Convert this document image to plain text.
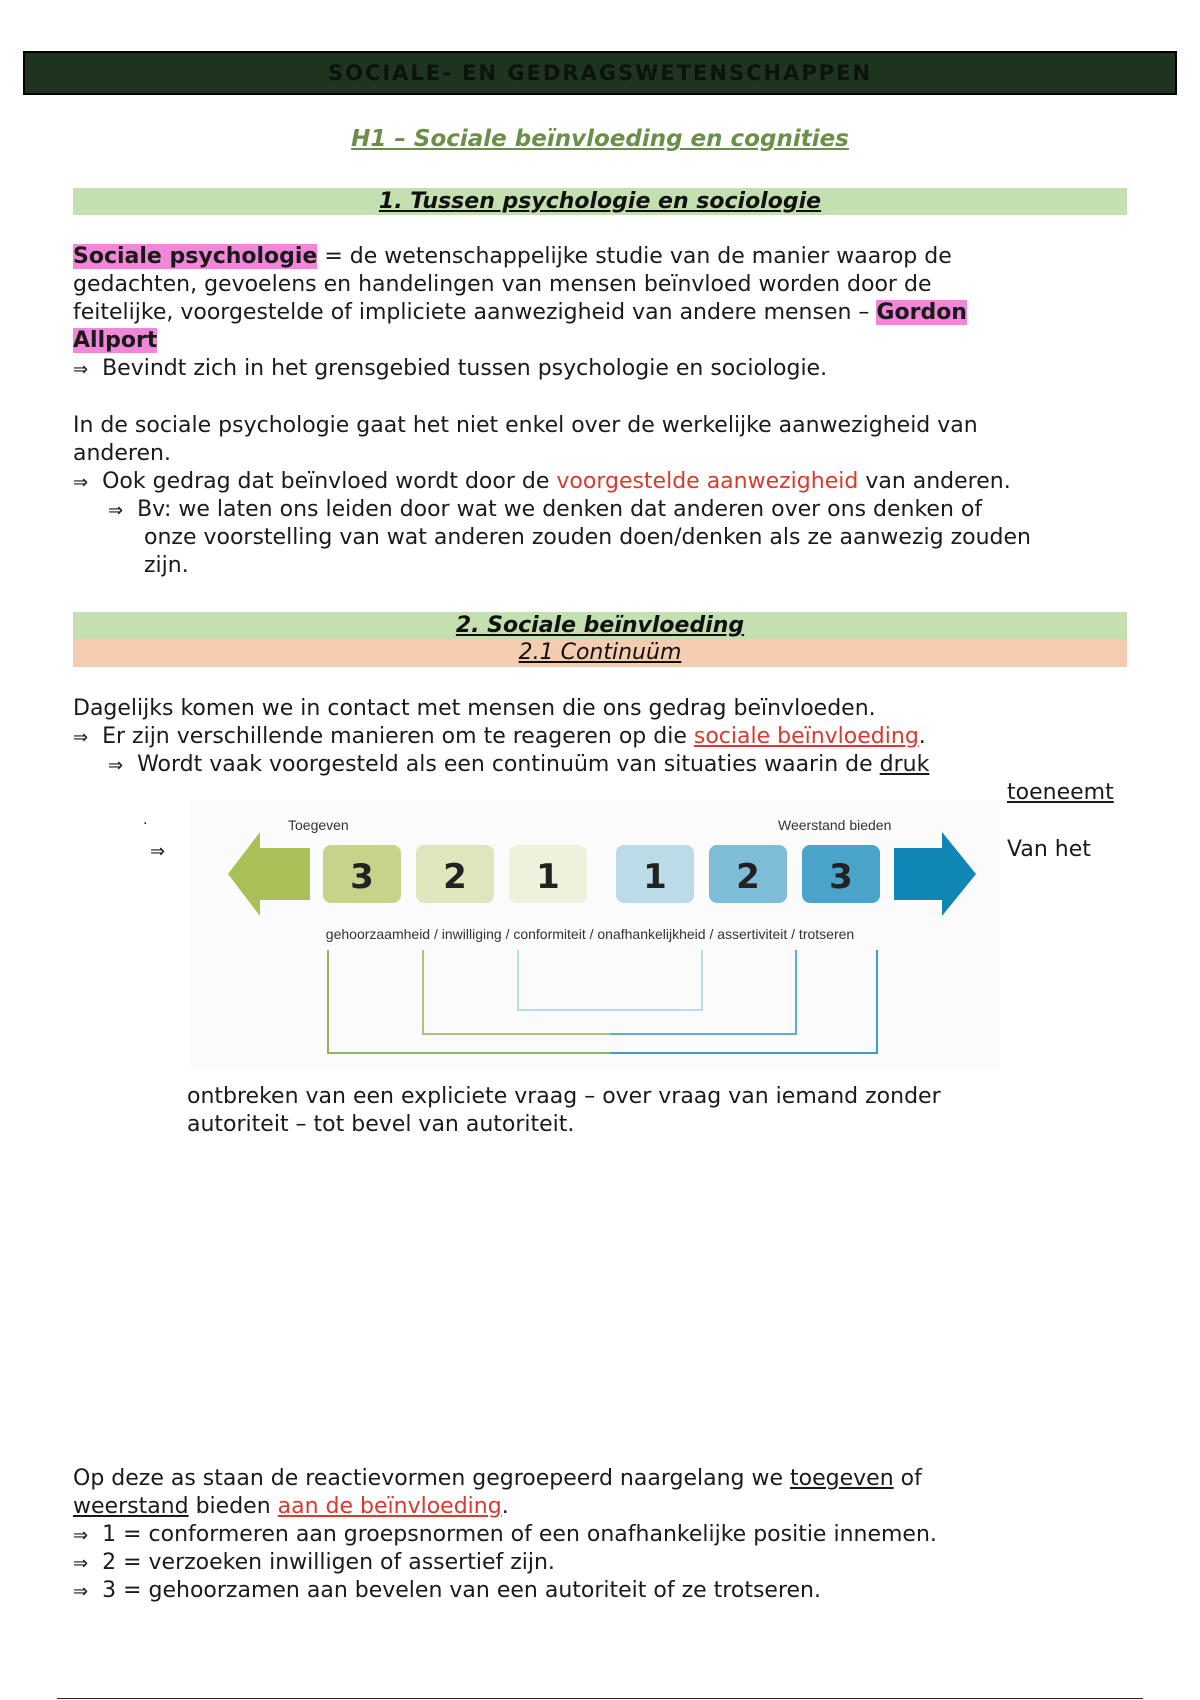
SOCIALE- EN GEDRAGSWETENSCHAPPEN
H1 – Sociale beïnvloeding en cognities
1. Tussen psychologie en sociologie
Sociale psychologie = de wetenschappelijke studie van de manier waarop de
gedachten, gevoelens en handelingen van mensen beïnvloed worden door de
feitelijke, voorgestelde of impliciete aanwezigheid van andere mensen – Gordon
Allport
⇒ Bevindt zich in het grensgebied tussen psychologie en sociologie.
In de sociale psychologie gaat het niet enkel over de werkelijke aanwezigheid van
anderen.
⇒ Ook gedrag dat beïnvloed wordt door de voorgestelde aanwezigheid van anderen.
⇒ Bv: we laten ons leiden door wat we denken dat anderen over ons denken of
onze voorstelling van wat anderen zouden doen/denken als ze aanwezig zouden
zijn.
2. Sociale beïnvloeding
2.1 Continuüm
Dagelijks komen we in contact met mensen die ons gedrag beïnvloeden.
⇒ Er zijn verschillende manieren om te reageren op die sociale beïnvloeding.
⇒ Wordt vaak voorgesteld als een continuüm van situaties waarin de druk
toeneemt
.
⇒	Van het
Toegeven	Weerstand bieden
3 2 1 1 2 3
gehoorzaamheid / inwilliging / conformiteit / onafhankelijkheid / assertiviteit / trotseren
ontbreken van een expliciete vraag – over vraag van iemand zonder
autoriteit – tot bevel van autoriteit.
Op deze as staan de reactievormen gegroepeerd naargelang we toegeven of
weerstand bieden aan de beïnvloeding.
⇒ 1 = conformeren aan groepsnormen of een onafhankelijke positie innemen.
⇒ 2 = verzoeken inwilligen of assertief zijn.
⇒ 3 = gehoorzamen aan bevelen van een autoriteit of ze trotseren.
